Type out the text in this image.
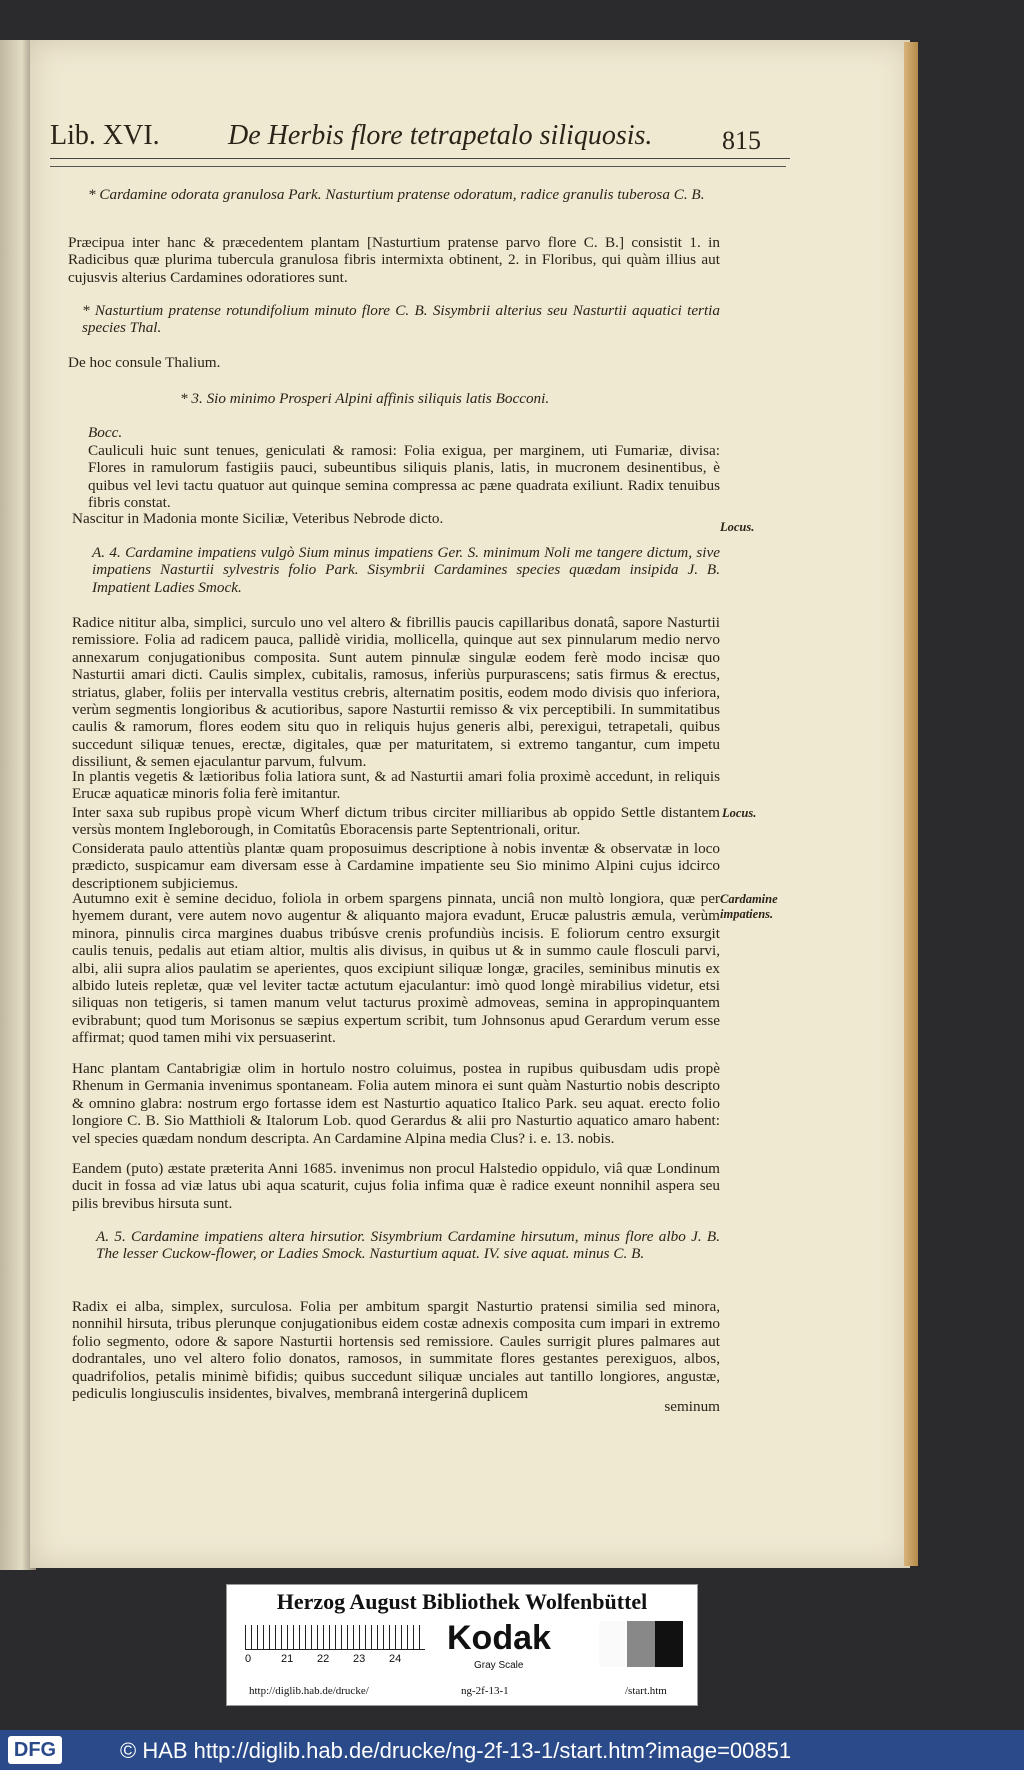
Lib. XVI. De Herbis flore tetrapetalo siliquosis.	815
* Cardamine odorata granulosa Park. Nasturtium pratense odoratum, radice granulis tuberosa C. B.
Præcipua inter hanc & præcedentem plantam [Nasturtium pratense parvo flore C. B.] consistit 1. in Radicibus quæ plurima tubercula granulosa fibris intermixta obtinent, 2. in Floribus, qui quàm illius aut cujusvis alterius Cardamines odoratiores sunt.
* Nasturtium pratense rotundifolium minuto flore C. B. Sisymbrii alterius seu Nasturtii aquatici tertia species Thal.
De hoc consule Thalium.
* 3. Sio minimo Prosperi Alpini affinis siliquis latis Bocconi.
Bocc.
Cauliculi huic sunt tenues, geniculati & ramosi: Folia exigua, per marginem, uti Fumariæ, divisa: Flores in ramulorum fastigiis pauci, subeuntibus siliquis planis, latis, in mucronem desinentibus, è quibus vel levi tactu quatuor aut quinque semina compressa ac pæne quadrata exiliunt. Radix tenuibus fibris constat.
Nascitur in Madonia monte Siciliæ, Veteribus Nebrode dicto.	Locus.
A. 4. Cardamine impatiens vulgò Sium minus impatiens Ger. S. minimum Noli me tangere dictum, sive impatiens Nasturtii sylvestris folio Park. Sisymbrii Cardamines species quædam insipida J. B. Impatient Ladies Smock.
Radice nititur alba, simplici, surculo uno vel altero & fibrillis paucis capillaribus donatâ, sapore Nasturtii remissiore. Folia ad radicem pauca, pallidè viridia, mollicella, quinque aut sex pinnularum medio nervo annexarum conjugationibus composita. Sunt autem pinnulæ singulæ eodem ferè modo incisæ quo Nasturtii amari dicti. Caulis simplex, cubitalis, ramosus, inferiùs purpurascens; satis firmus & erectus, striatus, glaber, foliis per intervalla vestitus crebris, alternatim positis, eodem modo divisis quo inferiora, verùm segmentis longioribus & acutioribus, sapore Nasturtii remisso & vix perceptibili. In summitatibus caulis & ramorum, flores eodem situ quo in reliquis hujus generis albi, perexigui, tetrapetali, quibus succedunt siliquæ tenues, erectæ, digitales, quæ per maturitatem, si extremo tangantur, cum impetu dissiliunt, & semen ejaculantur parvum, fulvum.
In plantis vegetis & lætioribus folia latiora sunt, & ad Nasturtii amari folia proximè accedunt, in reliquis Erucæ aquaticæ minoris folia ferè imitantur.
Inter saxa sub rupibus propè vicum Wherf dictum tribus circiter milliaribus ab oppido Settle distantem versùs montem Ingleborough, in Comitatûs Eboracensis parte Septentrionali, oritur.
Locus.
Considerata paulo attentiùs plantæ quam proposuimus descriptione à nobis inventæ & observatæ in loco prædicto, suspicamur eam diversam esse à Cardamine impatiente seu Sio minimo Alpini cujus idcirco descriptionem subjiciemus.
Autumno exit è semine deciduo, foliola in orbem spargens pinnata, unciâ non multò longiora, quæ per hyemem durant, vere autem novo augentur & aliquanto majora evadunt, Erucæ palustris æmula, verùm minora, pinnulis circa margines duabus tribúsve crenis profundiùs incisis. E foliorum centro exsurgit caulis tenuis, pedalis aut etiam altior, multis alis divisus, in quibus ut & in summo caule flosculi parvi, albi, alii supra alios paulatim se aperientes, quos excipiunt siliquæ longæ, graciles, seminibus minutis ex albido luteis repletæ, quæ vel leviter tactæ actutum ejaculantur: imò quod longè mirabilius videtur, etsi siliquas non tetigeris, si tamen manum velut tacturus proximè admoveas, semina in appropinquantem evibrabunt; quod tum Morisonus se sæpius expertum scribit, tum Johnsonus apud Gerardum verum esse affirmat; quod tamen mihi vix persuaserint.
Cardamine impatiens.
Hanc plantam Cantabrigiæ olim in hortulo nostro coluimus, postea in rupibus quibusdam udis propè Rhenum in Germania invenimus spontaneam. Folia autem minora ei sunt quàm Nasturtio nobis descripto & omnino glabra: nostrum ergo fortasse idem est Nasturtio aquatico Italico Park. seu aquat. erecto folio longiore C. B. Sio Matthioli & Italorum Lob. quod Gerardus & alii pro Nasturtio aquatico amaro habent: vel species quædam nondum descripta. An Cardamine Alpina media Clus? i. e. 13. nobis.
Eandem (puto) æstate præterita Anni 1685. invenimus non procul Halstedio oppidulo, viâ quæ Londinum ducit in fossa ad viæ latus ubi aqua scaturit, cujus folia infima quæ è radice exeunt nonnihil aspera seu pilis brevibus hirsuta sunt.
A. 5. Cardamine impatiens altera hirsutior. Sisymbrium Cardamine hirsutum, minus flore albo J. B. The lesser Cuckow-flower, or Ladies Smock. Nasturtium aquat. IV. sive aquat. minus C. B.
Radix ei alba, simplex, surculosa. Folia per ambitum spargit Nasturtio pratensi similia sed minora, nonnihil hirsuta, tribus plerunque conjugationibus eidem costæ adnexis composita cum impari in extremo folio segmento, odore & sapore Nasturtii hortensis sed remissiore. Caules surrigit plures palmares aut dodrantales, uno vel altero folio donatos, ramosos, in summitate flores gestantes perexiguos, albos, quadrifolios, petalis minimè bifidis; quibus succedunt siliquæ unciales aut tantillo longiores, angustæ, pediculis longiusculis insidentes, bivalves, membranâ intergerinâ duplicem
seminum
Herzog August Bibliothek Wolfenbüttel
0	21 22 23 24
Kodak
Gray Scale
http://diglib.hab.de/drucke/	ng-2f-13-1	/start.htm
DFG	© HAB http://diglib.hab.de/drucke/ng-2f-13-1/start.htm?image=00851
